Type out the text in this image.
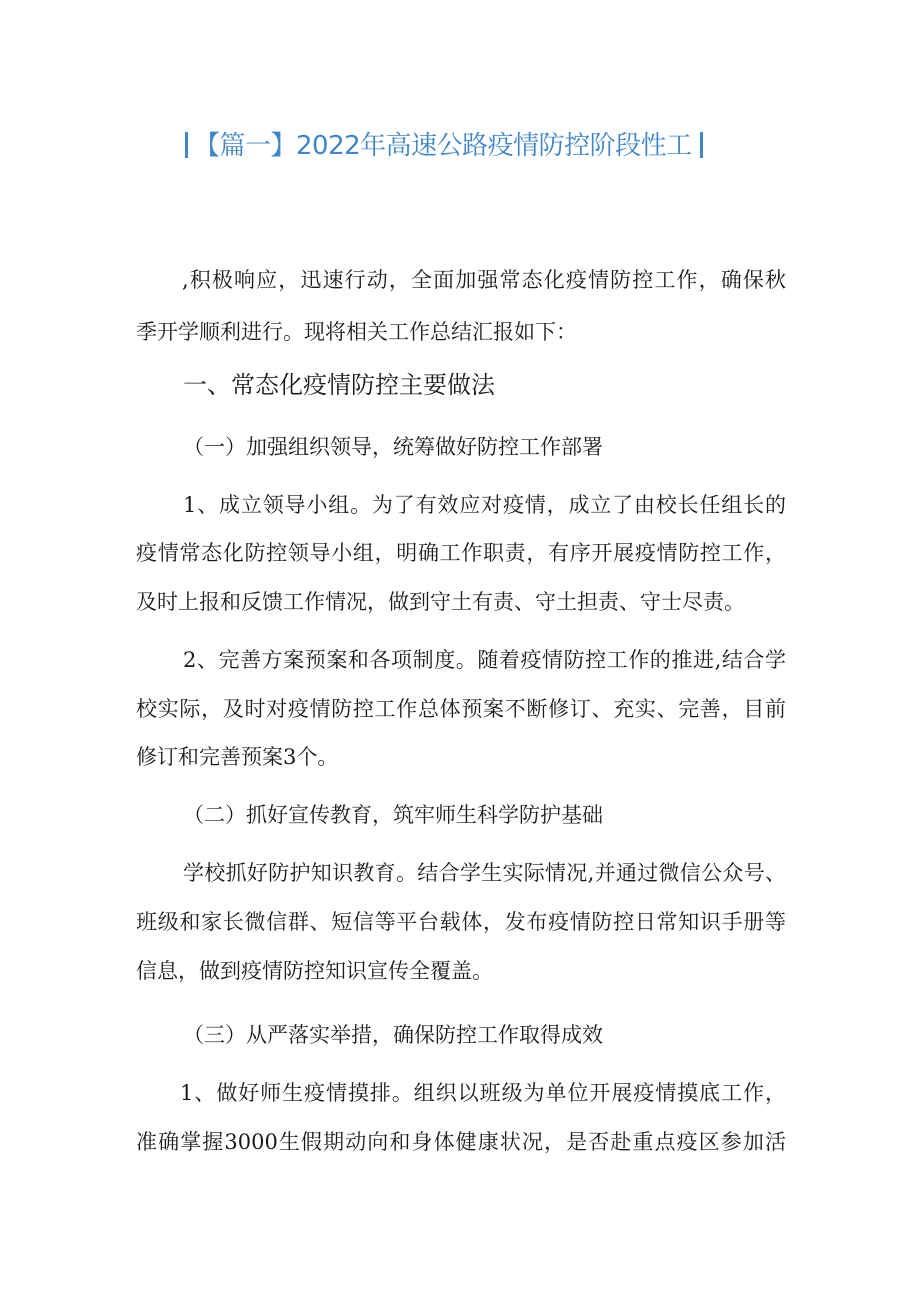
【篇一】2022年高速公路疫情防控阶段性工
,积极响应，迅速行动，全面加强常态化疫情防控工作，确保秋
季开学顺利进行。现将相关工作总结汇报如下：
一、常态化疫情防控主要做法
（一）加强组织领导，统筹做好防控工作部署
1、成立领导小组。为了有效应对疫情，成立了由校长任组长的
疫情常态化防控领导小组，明确工作职责，有序开展疫情防控工作，
及时上报和反馈工作情况，做到守土有责、守土担责、守士尽责。
2、完善方案预案和各项制度。随着疫情防控工作的推进,结合学
校实际，及时对疫情防控工作总体预案不断修订、充实、完善，目前
修订和完善预案3个。
（二）抓好宣传教育，筑牢师生科学防护基础
学校抓好防护知识教育。结合学生实际情况,并通过微信公众号、
班级和家长微信群、短信等平台载体，发布疫情防控日常知识手册等
信息，做到疫情防控知识宣传全覆盖。
（三）从严落实举措，确保防控工作取得成效
1、做好师生疫情摸排。组织以班级为单位开展疫情摸底工作，
准确掌握3000生假期动向和身体健康状况，是否赴重点疫区参加活
